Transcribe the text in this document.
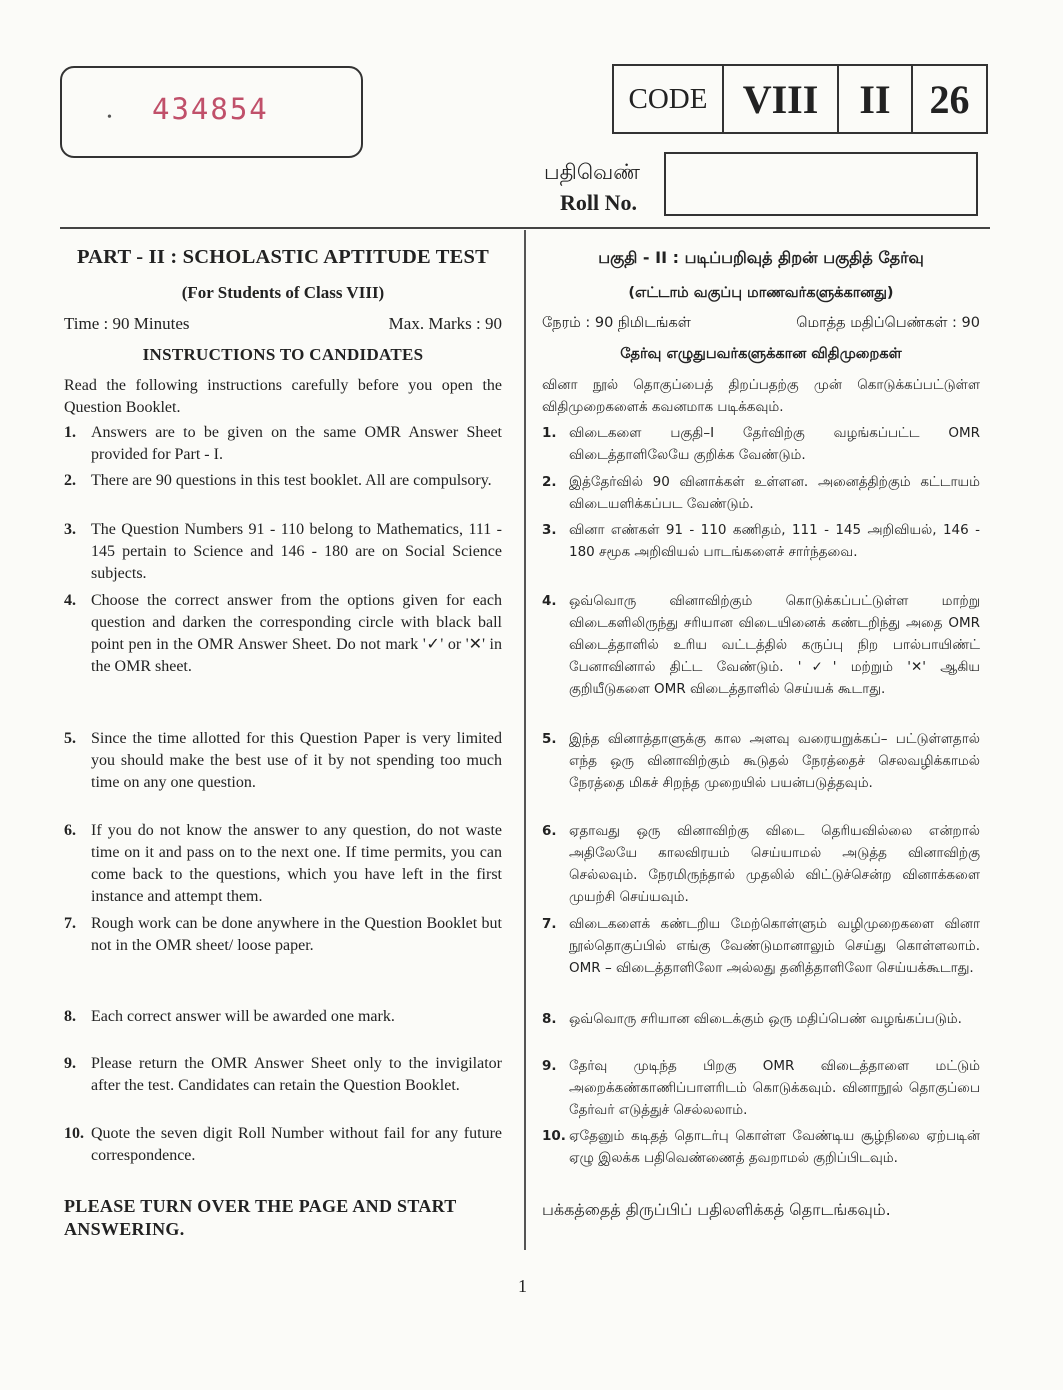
• 434854	CODE VIII	II 26
பதிவெண்
Roll No.

PART - II : SCHOLASTIC APTITUDE TEST

(For Students of Class VIII)

Time : 90 Minutes	Max. Marks : 90

INSTRUCTIONS TO CANDIDATES

Read the following instructions carefully before you open the Question Booklet.
1. Answers are to be given on the same OMR Answer Sheet provided for Part - I.
2. There are 90 questions in this test booklet. All are compulsory.
3. The Question Numbers 91 - 110 belong to Mathematics, 111 - 145 pertain to Science and 146 - 180 are on Social Science subjects.
4. Choose the correct answer from the options given for each question and darken the corresponding circle with black ball point pen in the OMR Answer Sheet. Do not mark '✓' or '✕' in the OMR sheet.
5. Since the time allotted for this Question Paper is very limited you should make the best use of it by not spending too much time on any one question.
6. If you do not know the answer to any question, do not waste time on it and pass on to the next one. If time permits, you can come back to the questions, which you have left in the first instance and attempt them.
7. Rough work can be done anywhere in the Question Booklet but not in the OMR sheet/ loose paper.
8. Each correct answer will be awarded one mark.
9. Please return the OMR Answer Sheet only to the invigilator after the test. Candidates can retain the Question Booklet.
10. Quote the seven digit Roll Number without fail for any future correspondence.
PLEASE TURN OVER THE PAGE AND START ANSWERING.

பகுதி - II : படிப்பறிவுத் திறன் பகுதித் தேர்வு

(எட்டாம் வகுப்பு மாணவர்களுக்கானது)

நேரம் : 90 நிமிடங்கள்	மொத்த மதிப்பெண்கள் : 90

தேர்வு எழுதுபவர்களுக்கான விதிமுறைகள்

வினா நூல் தொகுப்பைத் திறப்பதற்கு முன் கொடுக்கப்பட்டுள்ள விதிமுறைகளைக் கவனமாக படிக்கவும்.
1. விடைகளை பகுதி–I தேர்விற்கு வழங்கப்பட்ட OMR விடைத்தாளிலேயே குறிக்க வேண்டும்.
2. இத்தேர்வில் 90 வினாக்கள் உள்ளன. அனைத்திற்கும் கட்டாயம் விடையளிக்கப்பட வேண்டும்.
3. வினா எண்கள் 91 - 110 கணிதம், 111 - 145 அறிவியல், 146 - 180 சமூக அறிவியல் பாடங்களைச் சார்ந்தவை.
4. ஒவ்வொரு வினாவிற்கும் கொடுக்கப்பட்டுள்ள மாற்று விடைகளிலிருந்து சரியான விடையினைக் கண்டறிந்து அதை OMR விடைத்தாளில் உரிய வட்டத்தில் கருப்பு நிற பால்பாயிண்ட் பேனாவினால் திட்ட வேண்டும். '✓' மற்றும் '✕' ஆகிய குறியீடுகளை OMR விடைத்தாளில் செய்யக் கூடாது.
5. இந்த வினாத்தாளுக்கு கால அளவு வரையறுக்கப்– பட்டுள்ளதால் எந்த ஒரு வினாவிற்கும் கூடுதல் நேரத்தைச் செலவழிக்காமல் நேரத்தை மிகச் சிறந்த முறையில் பயன்படுத்தவும்.
6. ஏதாவது ஒரு வினாவிற்கு விடை தெரியவில்லை என்றால் அதிலேயே காலவிரயம் செய்யாமல் அடுத்த வினாவிற்கு செல்லவும். நேரமிருந்தால் முதலில் விட்டுச்சென்ற வினாக்களை முயற்சி செய்யவும்.
7. விடைகளைக் கண்டறிய மேற்கொள்ளும் வழிமுறைகளை வினா நூல்தொகுப்பில் எங்கு வேண்டுமானாலும் செய்து கொள்ளலாம். OMR – விடைத்தாளிலோ அல்லது தனித்தாளிலோ செய்யக்கூடாது.
8. ஒவ்வொரு சரியான விடைக்கும் ஒரு மதிப்பெண் வழங்கப்படும்.
9. தேர்வு முடிந்த பிறகு OMR விடைத்தாளை மட்டும் அறைக்கண்காணிப்பாளரிடம் கொடுக்கவும். வினாநூல் தொகுப்பை தேர்வர் எடுத்துச் செல்லலாம்.
10. ஏதேனும் கடிதத் தொடர்பு கொள்ள வேண்டிய சூழ்நிலை ஏற்படின் ஏழு இலக்க பதிவெண்ணைத் தவறாமல் குறிப்பிடவும்.
பக்கத்தைத் திருப்பிப் பதிலளிக்கத் தொடங்கவும்.
1
